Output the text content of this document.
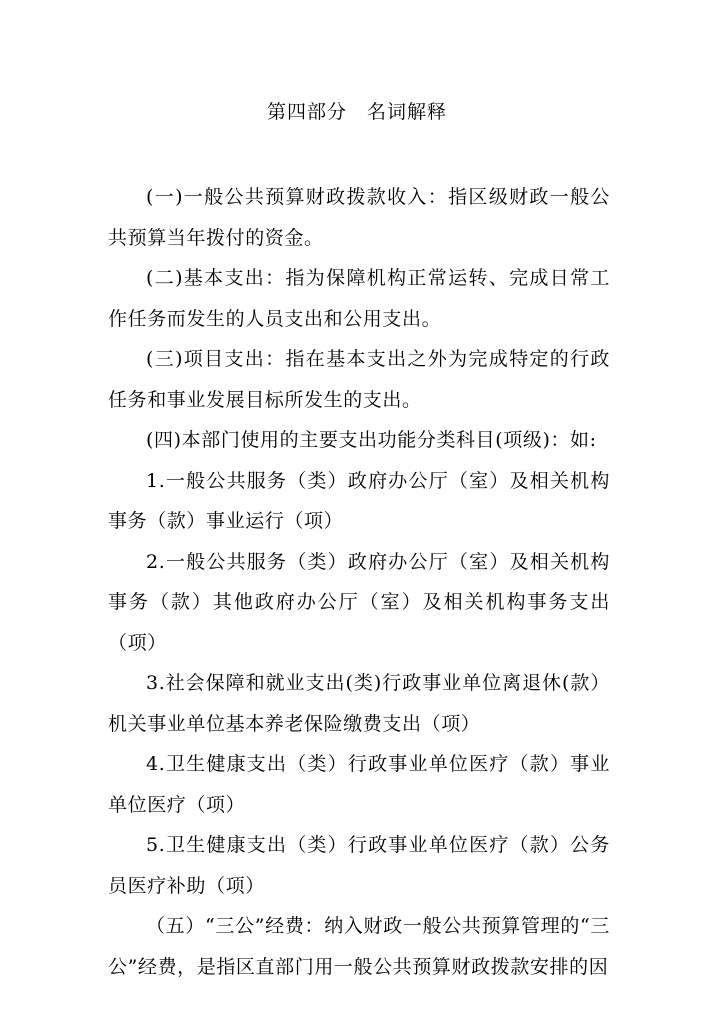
第四部分　名词解释

(一)一般公共预算财政拨款收入：指区级财政一般公共预算当年拨付的资金。

(二)基本支出：指为保障机构正常运转、完成日常工作任务而发生的人员支出和公用支出。

(三)项目支出：指在基本支出之外为完成特定的行政任务和事业发展目标所发生的支出。

(四)本部门使用的主要支出功能分类科目(项级)：如:

1.一般公共服务（类）政府办公厅（室）及相关机构事务（款）事业运行（项）

2.一般公共服务（类）政府办公厅（室）及相关机构事务（款）其他政府办公厅（室）及相关机构事务支出（项）

3.社会保障和就业支出(类)行政事业单位离退休(款）机关事业单位基本养老保险缴费支出（项）

4.卫生健康支出（类）行政事业单位医疗（款）事业单位医疗（项）

5.卫生健康支出（类）行政事业单位医疗（款）公务员医疗补助（项）

（五）“三公”经费：纳入财政一般公共预算管理的“三公”经费，是指区直部门用一般公共预算财政拨款安排的因
